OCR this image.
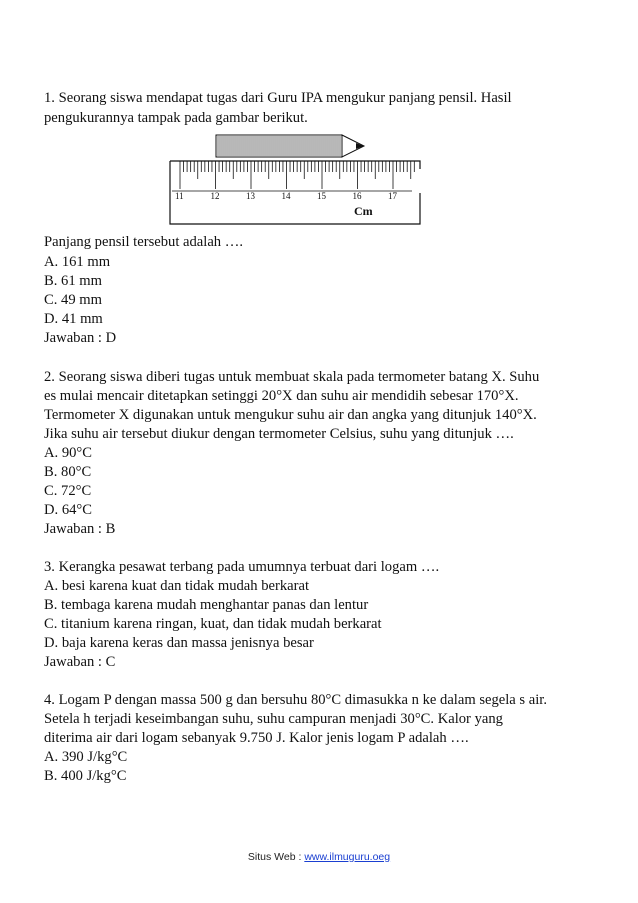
1. Seorang siswa mendapat tugas dari Guru IPA mengukur panjang pensil. Hasil
pengukurannya tampak pada gambar berikut.
11	12	13	14	15	16	17
Cm
Panjang pensil tersebut adalah ….
A. 161 mm
B. 61 mm
C. 49 mm
D. 41 mm
Jawaban : D
2. Seorang siswa diberi tugas untuk membuat skala pada termometer batang X. Suhu
es mulai mencair ditetapkan setinggi 20°X dan suhu air mendidih sebesar 170°X.
Termometer X digunakan untuk mengukur suhu air dan angka yang ditunjuk 140°X.
Jika suhu air tersebut diukur dengan termometer Celsius, suhu yang ditunjuk ….
A. 90°C
B. 80°C
C. 72°C
D. 64°C
Jawaban : B
3. Kerangka pesawat terbang pada umumnya terbuat dari logam ….
A. besi karena kuat dan tidak mudah berkarat
B. tembaga karena mudah menghantar panas dan lentur
C. titanium karena ringan, kuat, dan tidak mudah berkarat
D. baja karena keras dan massa jenisnya besar
Jawaban : C
4. Logam P dengan massa 500 g dan bersuhu 80°C dimasukka n ke dalam segela s air.
Setela h terjadi keseimbangan suhu, suhu campuran menjadi 30°C. Kalor yang
diterima air dari logam sebanyak 9.750 J. Kalor jenis logam P adalah ….
A. 390 J/kg°C
B. 400 J/kg°C
Situs Web : www.ilmuguru.oeg
